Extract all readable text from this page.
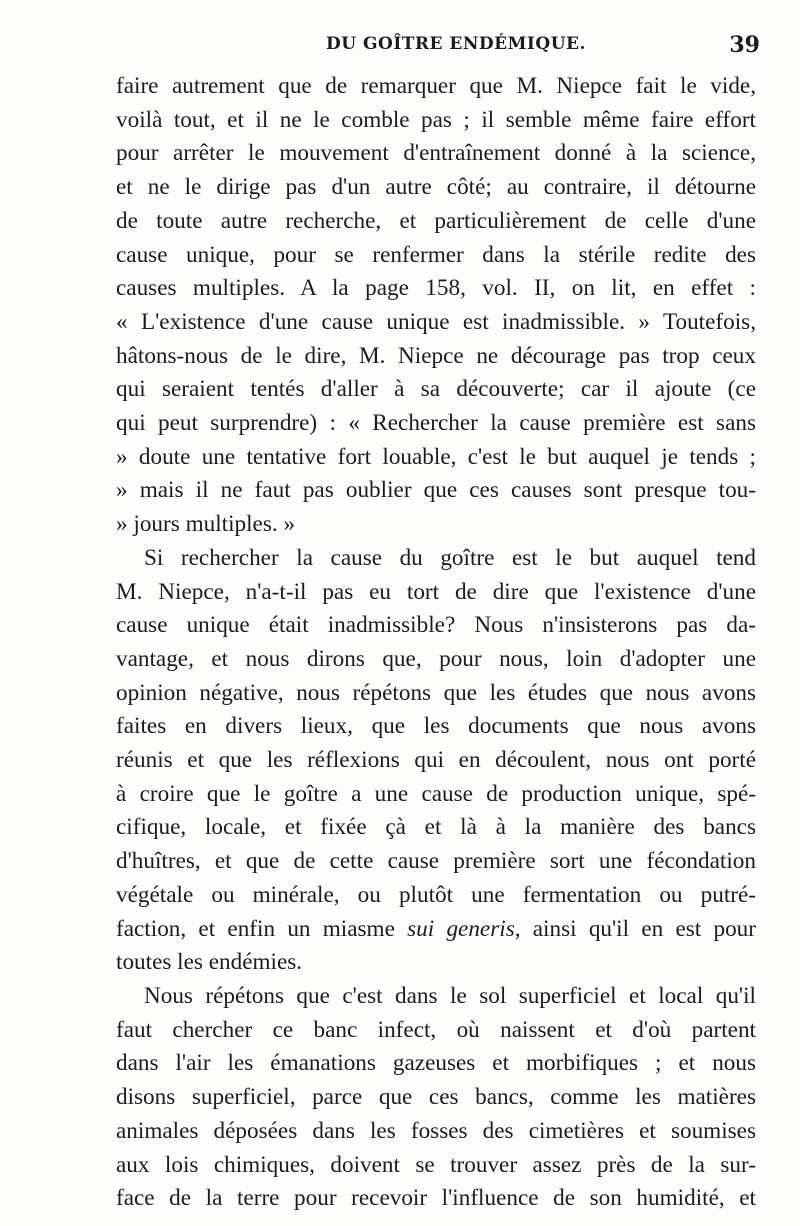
DU GOÎTRE ENDÉMIQUE.	39

faire autrement que de remarquer que M. Niepce fait le vide,
voilà tout, et il ne le comble pas ; il semble même faire effort
pour arrêter le mouvement d'entraînement donné à la science,
et ne le dirige pas d'un autre côté; au contraire, il détourne
de toute autre recherche, et particulièrement de celle d'une
cause unique, pour se renfermer dans la stérile redite des
causes multiples. A la page 158, vol. II, on lit, en effet :
« L'existence d'une cause unique est inadmissible. » Toutefois,
hâtons-nous de le dire, M. Niepce ne décourage pas trop ceux
qui seraient tentés d'aller à sa découverte; car il ajoute (ce
qui peut surprendre) : « Rechercher la cause première est sans
» doute une tentative fort louable, c'est le but auquel je tends ;
» mais il ne faut pas oublier que ces causes sont presque tou-
» jours multiples. »

Si rechercher la cause du goître est le but auquel tend
M. Niepce, n'a-t-il pas eu tort de dire que l'existence d'une
cause unique était inadmissible? Nous n'insisterons pas da-
vantage, et nous dirons que, pour nous, loin d'adopter une
opinion négative, nous répétons que les études que nous avons
faites en divers lieux, que les documents que nous avons
réunis et que les réflexions qui en découlent, nous ont porté
à croire que le goître a une cause de production unique, spé-
cifique, locale, et fixée çà et là à la manière des bancs
d'huîtres, et que de cette cause première sort une fécondation
végétale ou minérale, ou plutôt une fermentation ou putré-
faction, et enfin un miasme sui generis, ainsi qu'il en est pour
toutes les endémies.

Nous répétons que c'est dans le sol superficiel et local qu'il
faut chercher ce banc infect, où naissent et d'où partent
dans l'air les émanations gazeuses et morbifiques ; et nous
disons superficiel, parce que ces bancs, comme les matières
animales déposées dans les fosses des cimetières et soumises
aux lois chimiques, doivent se trouver assez près de la sur-
face de la terre pour recevoir l'influence de son humidité, et
